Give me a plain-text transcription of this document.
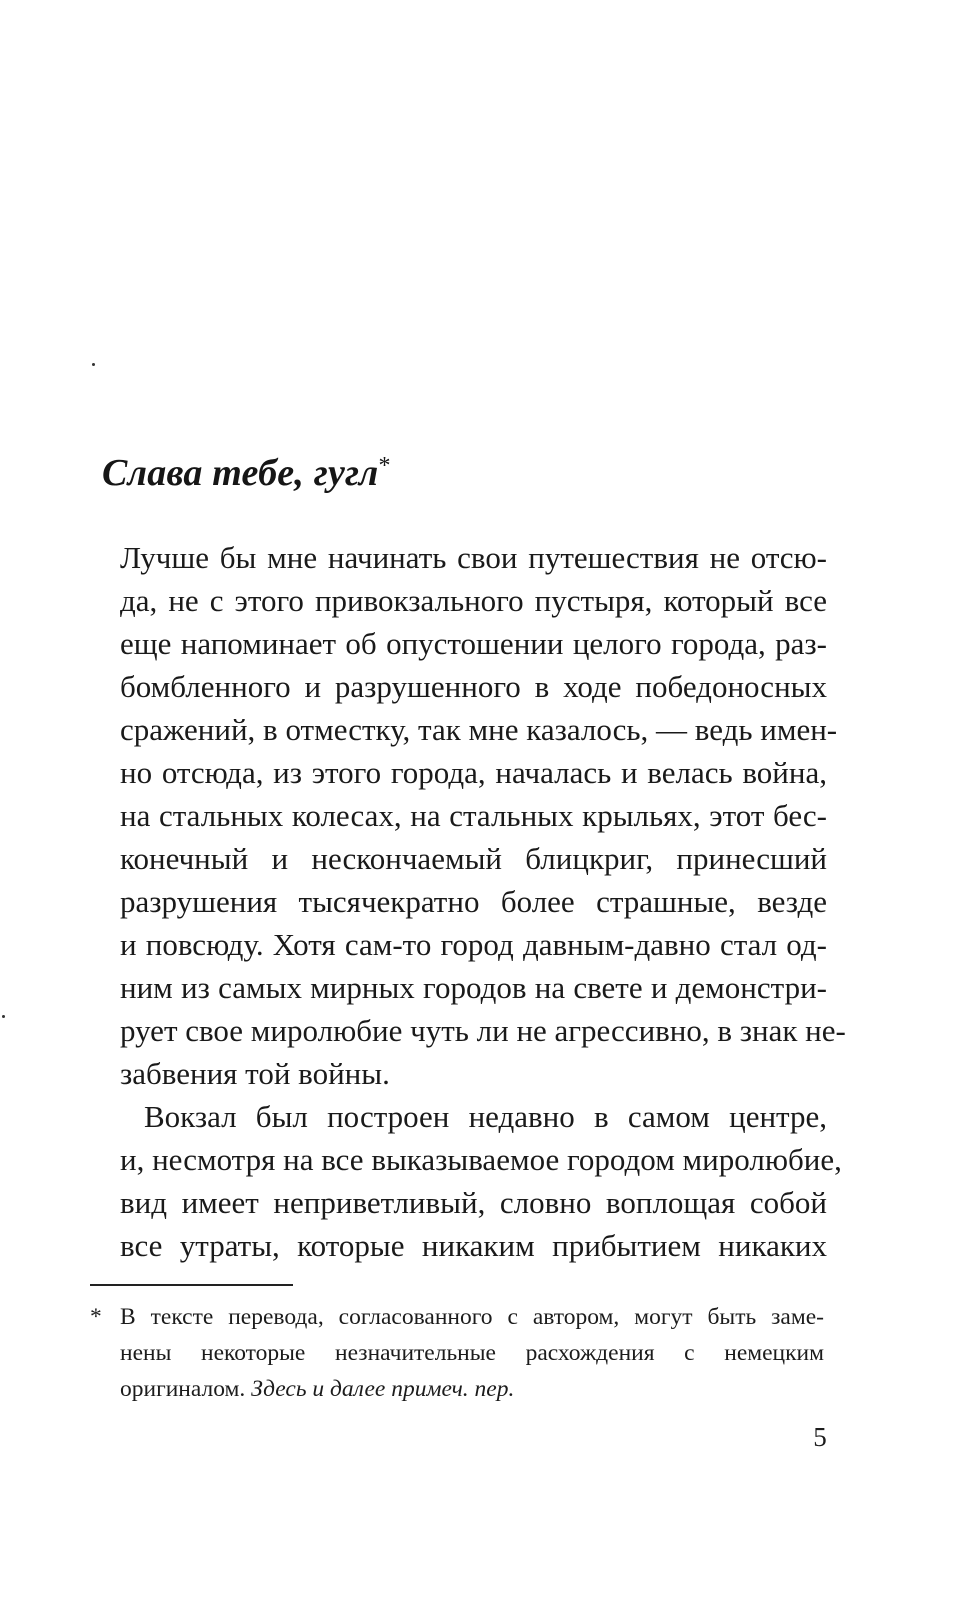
Слава тебе, гугл*

Лучше бы мне начинать свои путешествия не отсю-

да, не с этого привокзального пустыря, который все

еще напоминает об опустошении целого города, раз-

бомбленного и разрушенного в ходе победоносных

сражений, в отместку, так мне казалось, — ведь имен-

но отсюда, из этого города, началась и велась война,

на стальных колесах, на стальных крыльях, этот бес-

конечный и нескончаемый блицкриг, принесший

разрушения тысячекратно более страшные, везде

и повсюду. Хотя сам-то город давным-давно стал од-

ним из самых мирных городов на свете и демонстри-

рует свое миролюбие чуть ли не агрессивно, в знак не-

забвения той войны.

Вокзал был построен недавно в самом центре,

и, несмотря на все выказываемое городом миролюбие,

вид имеет неприветливый, словно воплощая собой

все утраты, которые никаким прибытием никаких

* В тексте перевода, согласованного с автором, могут быть заме-

нены некоторые незначительные расхождения с немецким

оригиналом. Здесь и далее примеч. пер.

5
